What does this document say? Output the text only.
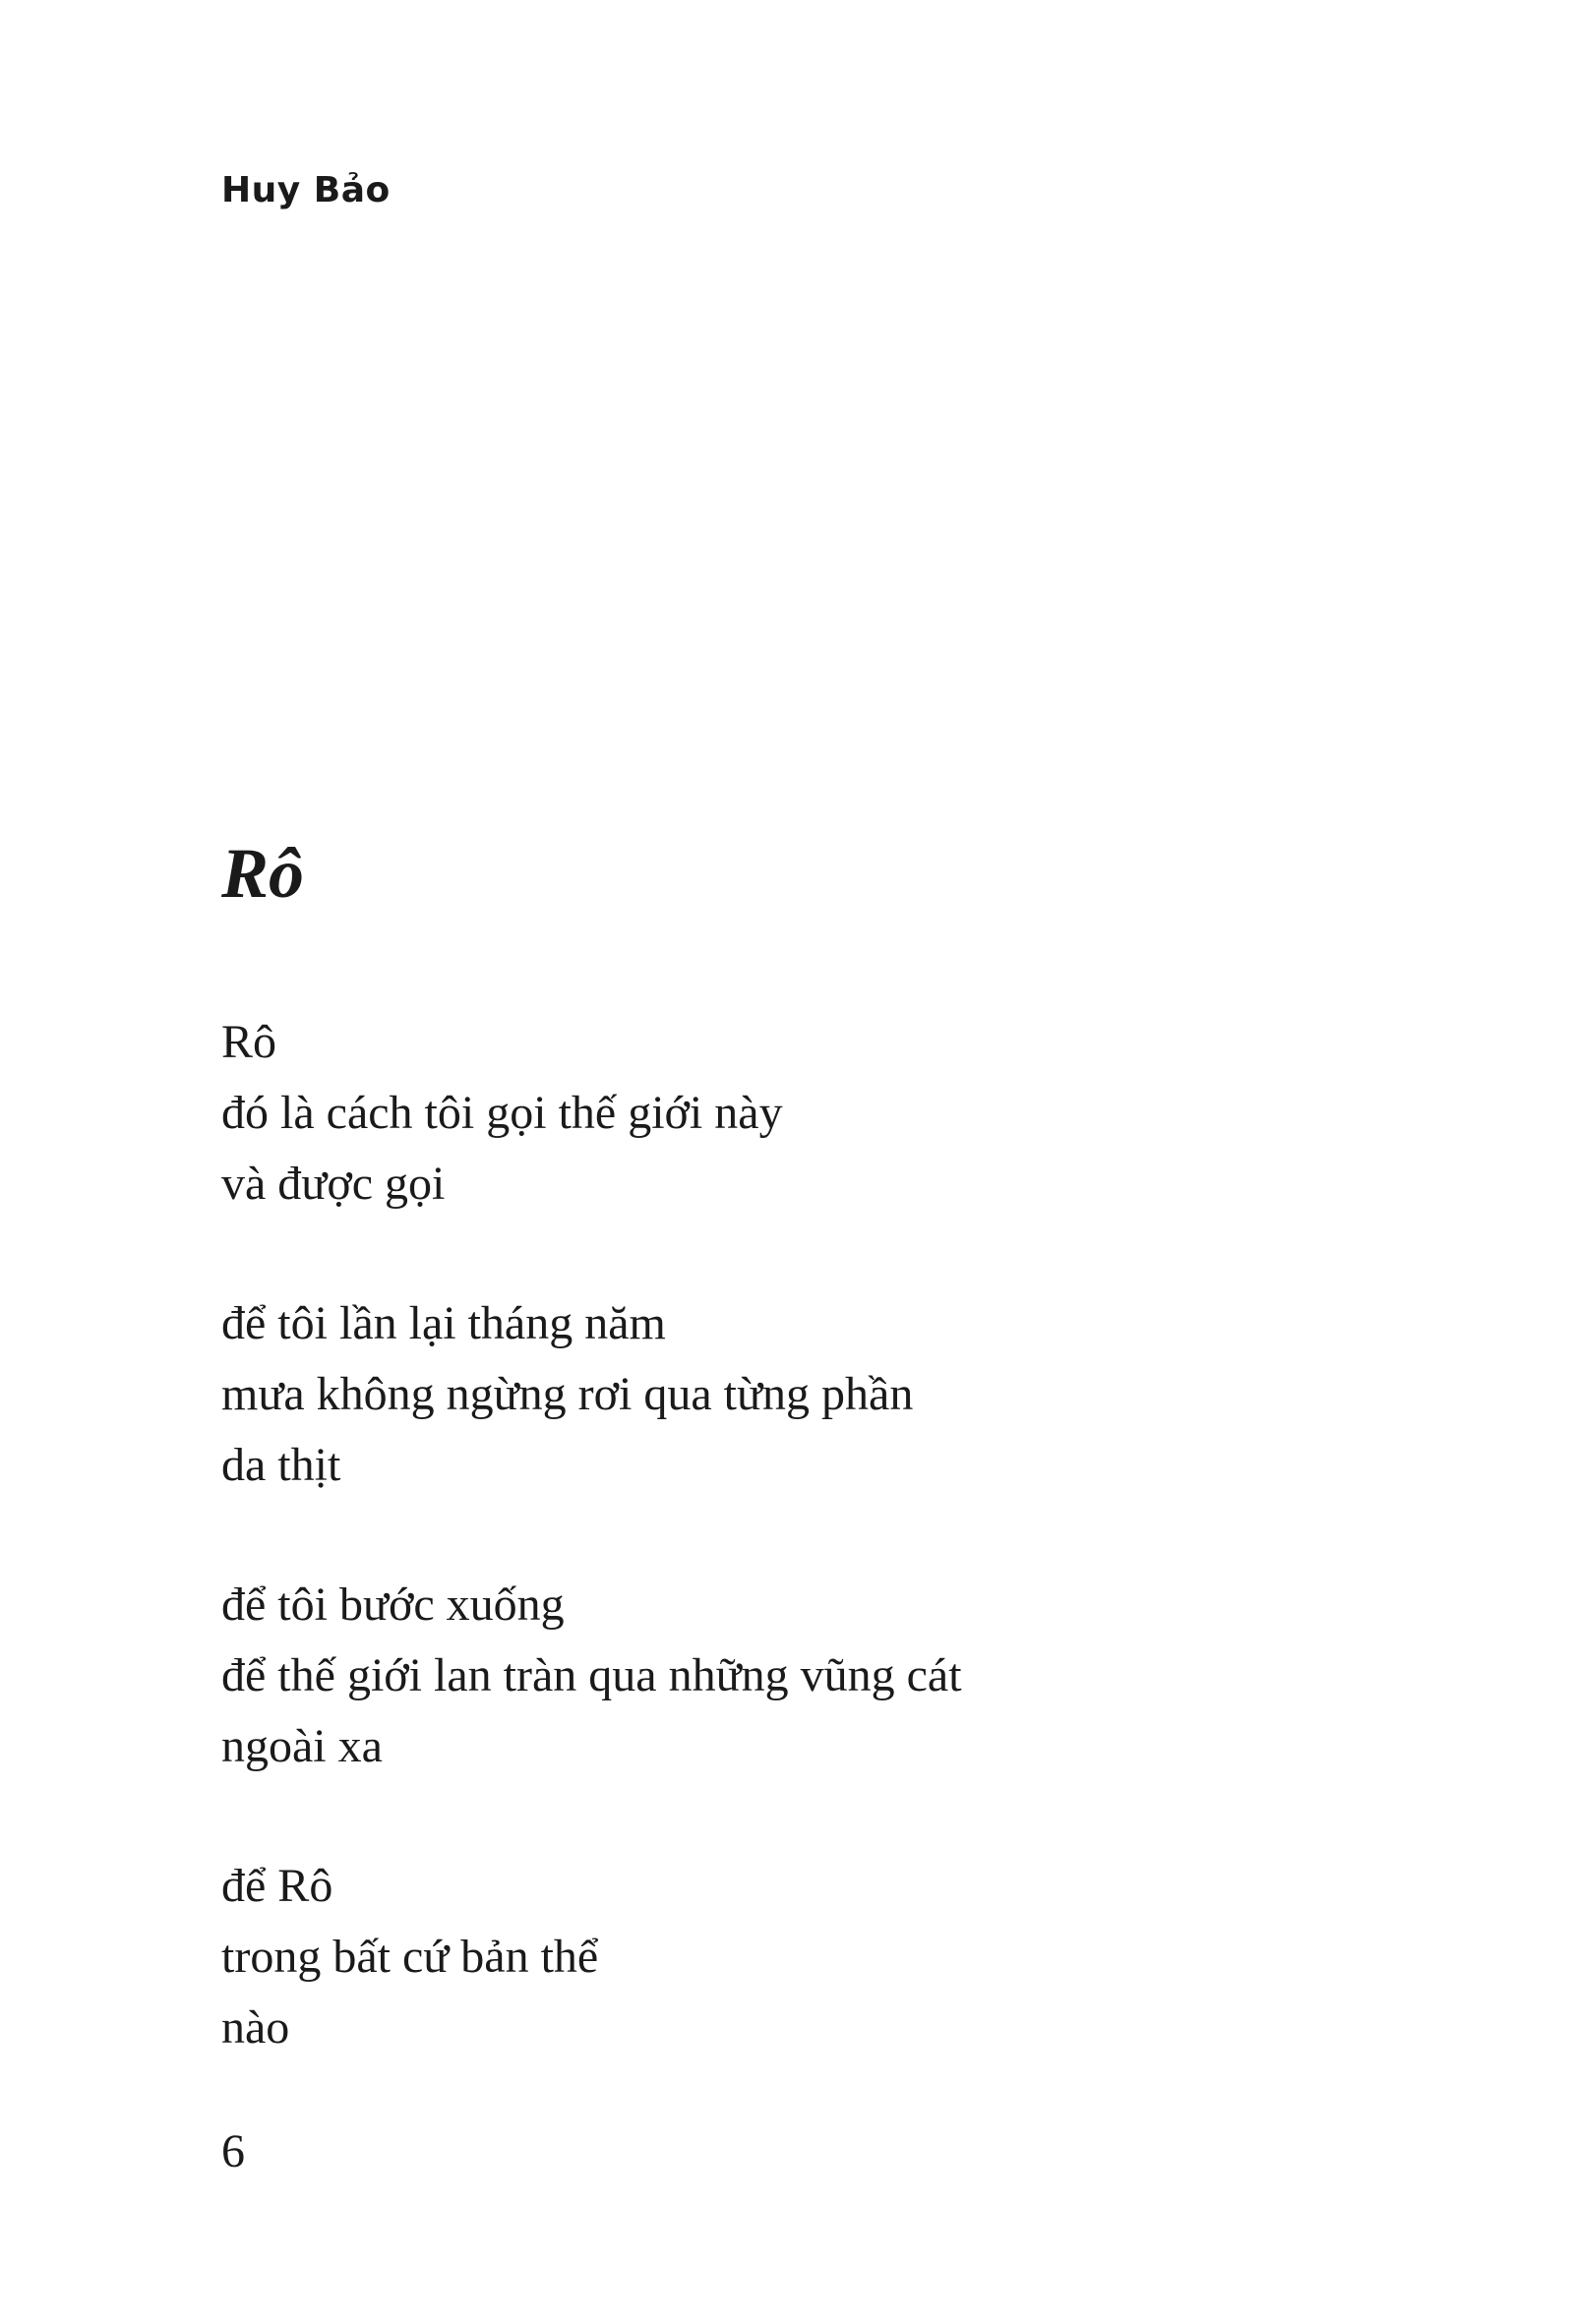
Huy Bảo
Rô
Rô
đó là cách tôi gọi thế giới này
và được gọi
để tôi lần lại tháng năm
mưa không ngừng rơi qua từng phần
da thịt
để tôi bước xuống
để thế giới lan tràn qua những vũng cát
ngoài xa
để Rô
trong bất cứ bản thể
nào
6
